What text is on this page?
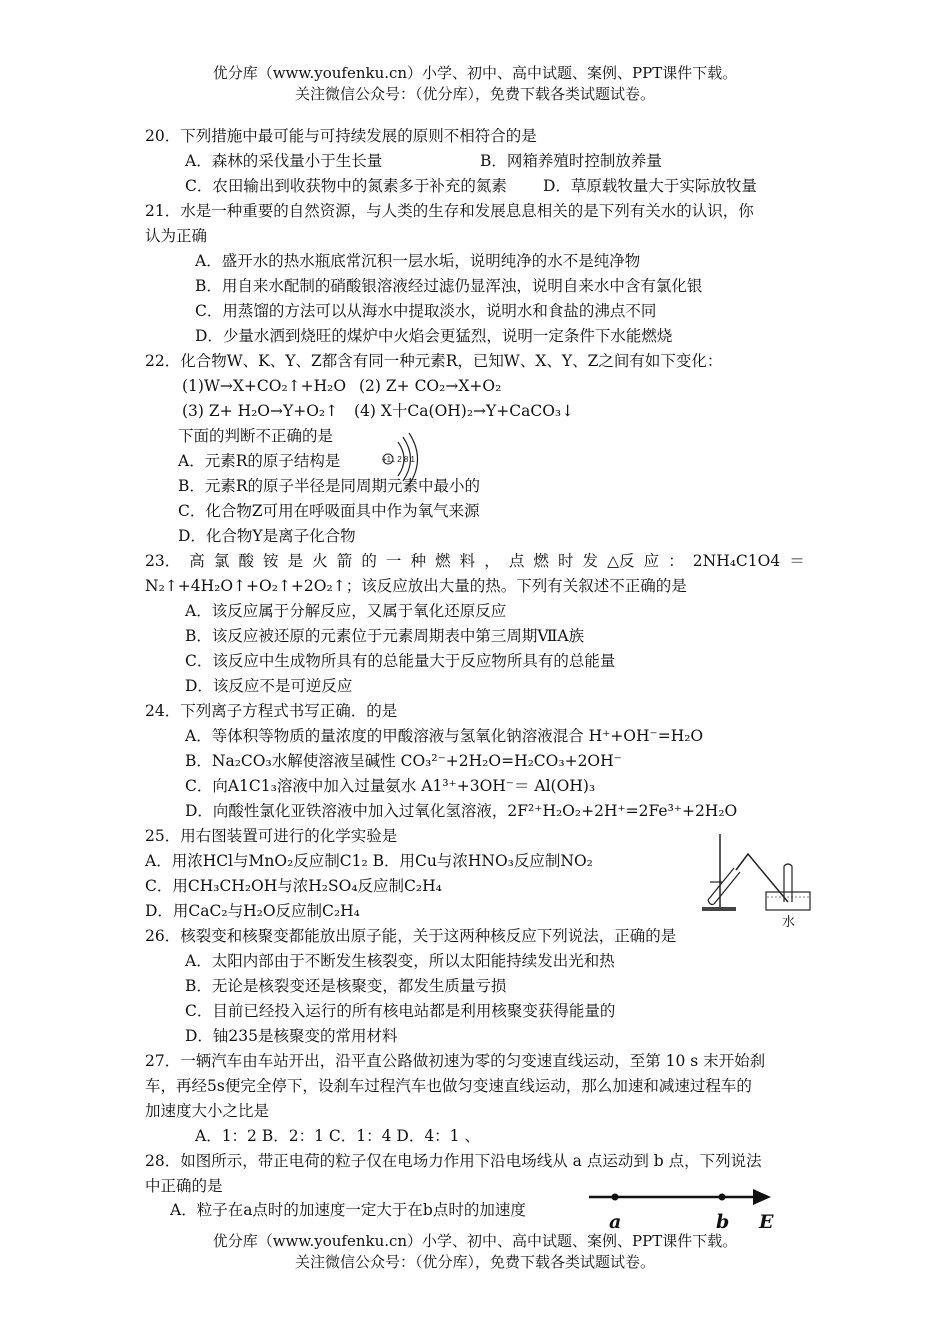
优分库（www.youfenku.cn）小学、初中、高中试题、案例、PPT课件下载。
关注微信公众号：（优分库），免费下载各类试题试卷。
20．下列措施中最可能与可持续发展的原则不相符合的是
A．森林的采伐量小于生长量	B．网箱养殖时控制放养量
C．农田输出到收获物中的氮素多于补充的氮素 D．草原载牧量大于实际放牧量
21．水是一种重要的自然资源，与人类的生存和发展息息相关的是下列有关水的认识，你
认为正确
A．盛开水的热水瓶底常沉积一层水垢，说明纯净的水不是纯净物
B．用自来水配制的硝酸银溶液经过滤仍显浑浊，说明自来水中含有氯化银
C．用蒸馏的方法可以从海水中提取淡水，说明水和食盐的沸点不同
D．少量水洒到烧旺的煤炉中火焰会更猛烈，说明一定条件下水能燃烧
22．化合物W、K、Y、Z都含有同一种元素R，已知W、X、Y、Z之间有如下变化：
(1)W→X+CO₂↑+H₂O (2) Z+ CO₂→X+O₂
(3) Z+ H₂O→Y+O₂↑ (4) X十Ca(OH)₂→Y+CaCO₃↓
下面的判断不正确的是
A．元素R的原子结构是	+11 2 8 1
B．元素R的原子半径是同周期元素中最小的
C．化合物Z可用在呼吸面具中作为氧气来源
D．化合物Y是离子化合物
23． 高 氯 酸 铵 是 火 箭 的 一 种 燃 料 ， 点 燃 时 发 △反 应 ： 2NH₄C1O4 ＝
N₂↑+4H₂O↑+O₂↑+2O₂↑；该反应放出大量的热。下列有关叙述不正确的是
A．该反应属于分解反应，又属于氧化还原反应
B．该反应被还原的元素位于元素周期表中第三周期ⅦA族
C．该反应中生成物所具有的总能量大于反应物所具有的总能量
D．该反应不是可逆反应
24．下列离子方程式书写正确．的是
A．等体积等物质的量浓度的甲酸溶液与氢氧化钠溶液混合 H⁺+OH⁻=H₂O
B．Na₂CO₃水解使溶液呈碱性 CO₃²⁻+2H₂O=H₂CO₃+2OH⁻
C．向A1C1₃溶液中加入过量氨水 A1³⁺+3OH⁻＝ Al(OH)₃
D．向酸性氯化亚铁溶液中加入过氧化氢溶液，2F²⁺H₂O₂+2H⁺=2Fe³⁺+2H₂O
25．用右图装置可进行的化学实验是
A．用浓HCl与MnO₂反应制C1₂ B．用Cu与浓HNO₃反应制NO₂
C．用CH₃CH₂OH与浓H₂SO₄反应制C₂H₄
D．用CaC₂与H₂O反应制C₂H₄
水
26．核裂变和核聚变都能放出原子能，关于这两种核反应下列说法，正确的是
A．太阳内部由于不断发生核裂变，所以太阳能持续发出光和热
B．无论是核裂变还是核聚变，都发生质量亏损
C．目前已经投入运行的所有核电站都是利用核聚变获得能量的
D．铀235是核聚变的常用材料
27．一辆汽车由车站开出，沿平直公路做初速为零的匀变速直线运动，至第 10 s 末开始刹
车，再经5s便完全停下，设刹车过程汽车也做匀变速直线运动，那么加速和减速过程车的
加速度大小之比是
A．1：2 B．2：1 C．1：4 D．4：1 、
28．如图所示，带正电荷的粒子仅在电场力作用下沿电场线从 a 点运动到 b 点，下列说法
中正确的是
A．粒子在a点时的加速度一定大于在b点时的加速度
a	b E
优分库（www.youfenku.cn）小学、初中、高中试题、案例、PPT课件下载。
关注微信公众号：（优分库），免费下载各类试题试卷。
